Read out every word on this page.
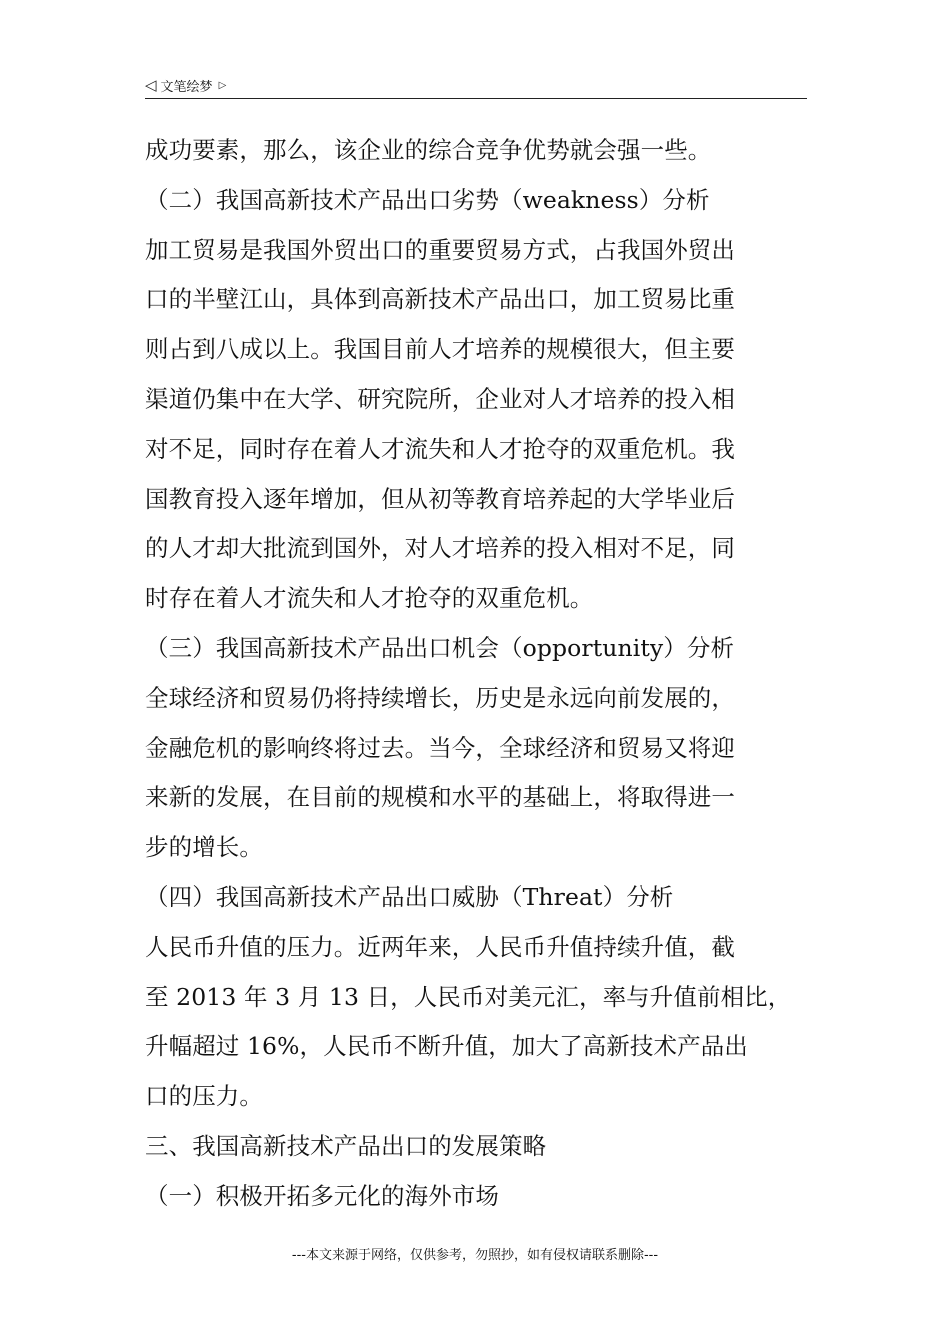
◁ 文笔绘梦 ▷
成功要素，那么，该企业的综合竞争优势就会强一些。
（二）我国高新技术产品出口劣势（weakness）分析
加工贸易是我国外贸出口的重要贸易方式，占我国外贸出
口的半壁江山，具体到高新技术产品出口，加工贸易比重
则占到八成以上。我国目前人才培养的规模很大，但主要
渠道仍集中在大学、研究院所，企业对人才培养的投入相
对不足，同时存在着人才流失和人才抢夺的双重危机。我
国教育投入逐年增加，但从初等教育培养起的大学毕业后
的人才却大批流到国外，对人才培养的投入相对不足，同
时存在着人才流失和人才抢夺的双重危机。
（三）我国高新技术产品出口机会（opportunity）分析
全球经济和贸易仍将持续增长，历史是永远向前发展的，
金融危机的影响终将过去。当今，全球经济和贸易又将迎
来新的发展，在目前的规模和水平的基础上，将取得进一
步的增长。
（四）我国高新技术产品出口威胁（Threat）分析
人民币升值的压力。近两年来，人民币升值持续升值，截
至 2013 年 3 月 13 日，人民币对美元汇，率与升值前相比，
升幅超过 16%，人民币不断升值，加大了高新技术产品出
口的压力。
三、我国高新技术产品出口的发展策略
（一）积极开拓多元化的海外市场
---本文来源于网络，仅供参考，勿照抄，如有侵权请联系删除---
